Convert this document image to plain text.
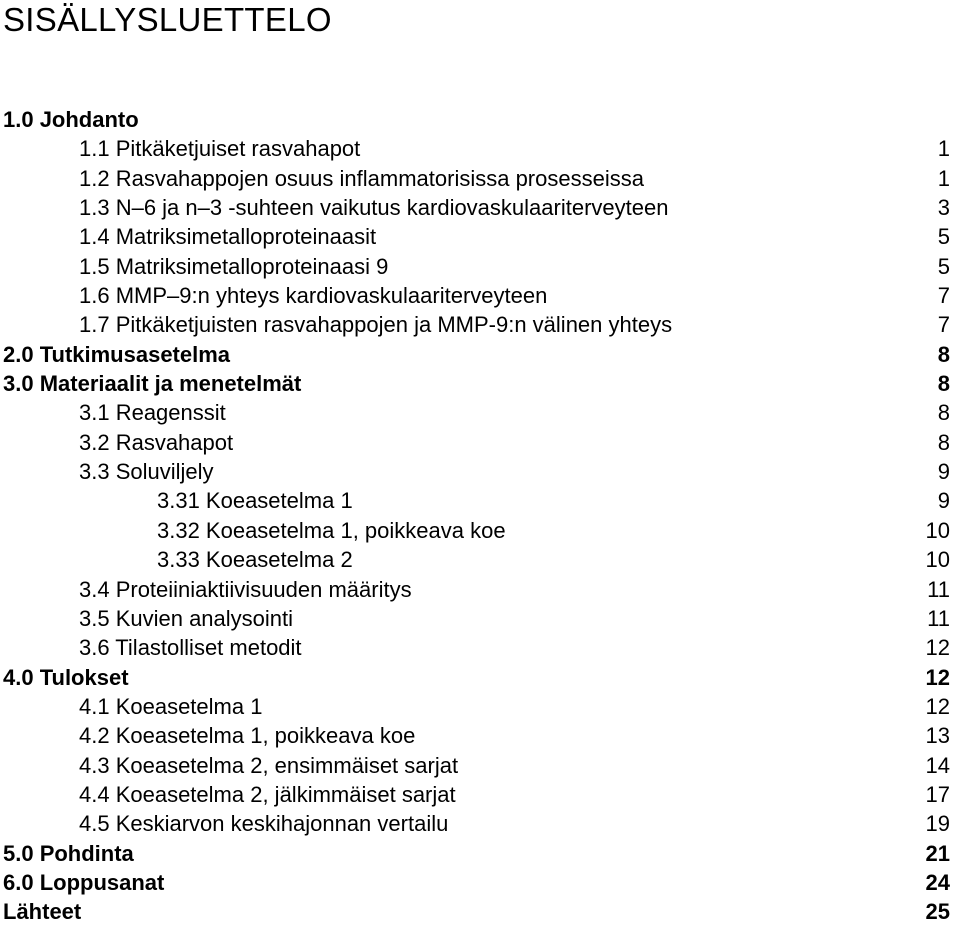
SISÄLLYSLUETTELO
1.0 Johdanto
1.1 Pitkäketjuiset rasvahapot	1
1.2 Rasvahappojen osuus inflammatorisissa prosesseissa	1
1.3 N–6 ja n–3 -suhteen vaikutus kardiovaskulaariterveyteen	3
1.4 Matriksimetalloproteinaasit	5
1.5 Matriksimetalloproteinaasi 9	5
1.6 MMP–9:n yhteys kardiovaskulaariterveyteen	7
1.7 Pitkäketjuisten rasvahappojen ja MMP-9:n välinen yhteys	7
2.0 Tutkimusasetelma	8
3.0 Materiaalit ja menetelmät	8
3.1 Reagenssit	8
3.2 Rasvahapot	8
3.3 Soluviljely	9
3.31 Koeasetelma 1	9
3.32 Koeasetelma 1, poikkeava koe	10
3.33 Koeasetelma 2	10
3.4 Proteiiniaktiivisuuden määritys	11
3.5 Kuvien analysointi	11
3.6 Tilastolliset metodit	12
4.0 Tulokset	12
4.1 Koeasetelma 1	12
4.2 Koeasetelma 1, poikkeava koe	13
4.3 Koeasetelma 2, ensimmäiset sarjat	14
4.4 Koeasetelma 2, jälkimmäiset sarjat	17
4.5 Keskiarvon keskihajonnan vertailu	19
5.0 Pohdinta	21
6.0 Loppusanat	24
Lähteet	25
